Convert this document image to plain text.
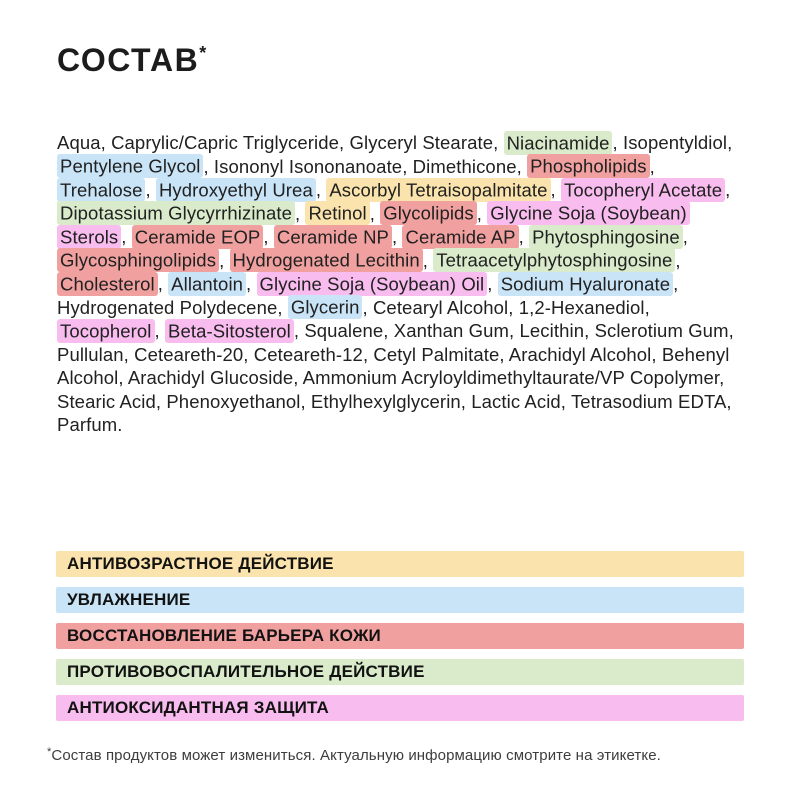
СОСТАВ*

Aqua, Caprylic/Capric Triglyceride, Glyceryl Stearate, Niacinamide , Isopentyldiol, Pentylene Glycol , Isononyl Isononanoate, Dimethicone, Phospholipids , Trehalose , Hydroxyethyl Urea , Ascorbyl Tetraisopalmitate , Tocopheryl Acetate , Dipotassium Glycyrrhizinate , Retinol , Glycolipids , Glycine Soja (Soybean) Sterols , Ceramide EOP , Ceramide NP , Ceramide AP , Phytosphingosine , Glycosphingolipids , Hydrogenated Lecithin , Tetraacetylphytosphingosine , Cholesterol , Allantoin , Glycine Soja (Soybean) Oil , Sodium Hyaluronate , Hydrogenated Polydecene, Glycerin , Cetearyl Alcohol, 1,2-Hexanediol, Tocopherol , Beta-Sitosterol , Squalene, Xanthan Gum, Lecithin, Sclerotium Gum, Pullulan, Ceteareth-20, Ceteareth-12, Cetyl Palmitate, Arachidyl Alcohol, Behenyl Alcohol, Arachidyl Glucoside, Ammonium Acryloyldimethyltaurate/VP Copolymer, Stearic Acid, Phenoxyethanol, Ethylhexylglycerin, Lactic Acid, Tetrasodium EDTA, Parfum.

АНТИВОЗРАСТНОЕ ДЕЙСТВИЕ
УВЛАЖНЕНИЕ
ВОССТАНОВЛЕНИЕ БАРЬЕРА КОЖИ
ПРОТИВОВОСПАЛИТЕЛЬНОЕ ДЕЙСТВИЕ
АНТИОКСИДАНТНАЯ ЗАЩИТА

*Состав продуктов может измениться. Актуальную информацию смотрите на этикетке.
